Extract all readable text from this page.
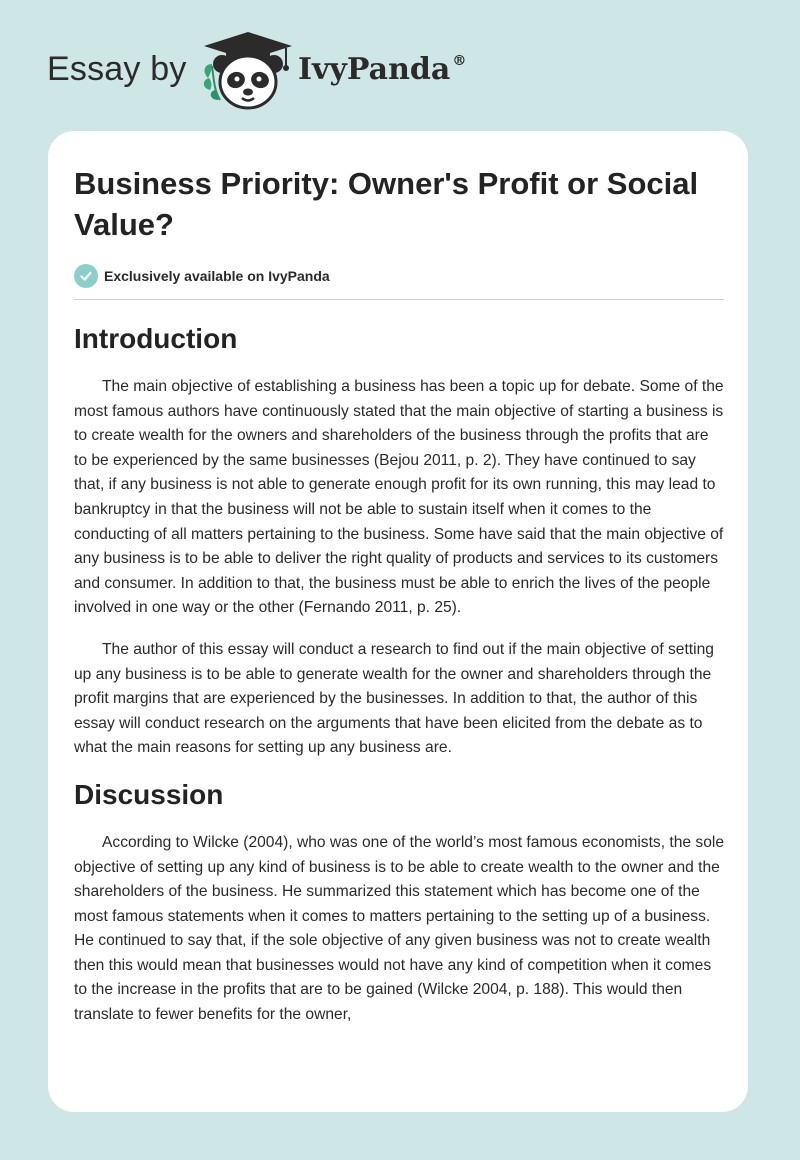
Essay by	IvyPanda ®
Business Priority: Owner's Profit or Social Value?
Exclusively available on IvyPanda
Introduction

The main objective of establishing a business has been a topic up for debate. Some of the most famous authors have continuously stated that the main objective of starting a business is to create wealth for the owners and shareholders of the business through the profits that are to be experienced by the same businesses (Bejou 2011, p. 2). They have continued to say that, if any business is not able to generate enough profit for its own running, this may lead to bankruptcy in that the business will not be able to sustain itself when it comes to the conducting of all matters pertaining to the business. Some have said that the main objective of any business is to be able to deliver the right quality of products and services to its customers and consumer. In addition to that, the business must be able to enrich the lives of the people involved in one way or the other (Fernando 2011, p. 25).

The author of this essay will conduct a research to find out if the main objective of setting up any business is to be able to generate wealth for the owner and shareholders through the profit margins that are experienced by the businesses. In addition to that, the author of this essay will conduct research on the arguments that have been elicited from the debate as to what the main reasons for setting up any business are.

Discussion

According to Wilcke (2004), who was one of the world’s most famous economists, the sole objective of setting up any kind of business is to be able to create wealth to the owner and the shareholders of the business. He summarized this statement which has become one of the most famous statements when it comes to matters pertaining to the setting up of a business. He continued to say that, if the sole objective of any given business was not to create wealth then this would mean that businesses would not have any kind of competition when it comes to the increase in the profits that are to be gained (Wilcke 2004, p. 188). This would then translate to fewer benefits for the owner,
